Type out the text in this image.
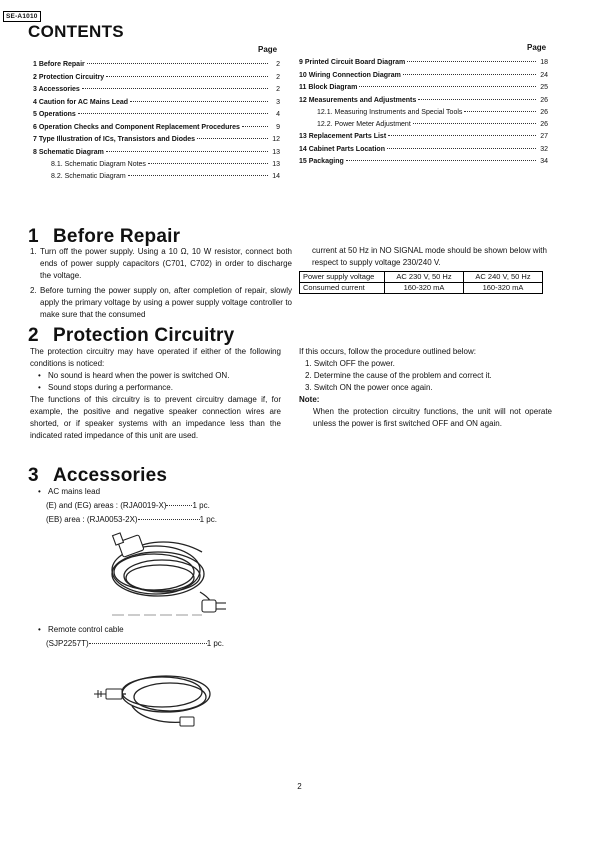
SE-A1010
CONTENTS
Page	Page
1 Before Repair	2
2 Protection Circuitry	2
3 Accessories	2
4 Caution for AC Mains Lead	3
5 Operations	4
6 Operation Checks and Component Replacement Procedures	9
7 Type Illustration of ICs, Transistors and Diodes	12
8 Schematic Diagram	13
8.1. Schematic Diagram Notes	13
8.2. Schematic Diagram	14
9 Printed Circuit Board Diagram	18
10 Wiring Connection Diagram	24
11 Block Diagram	25
12 Measurements and Adjustments	26
12.1. Measuring Instruments and Special Tools	26
12.2. Power Meter Adjustment	26
13 Replacement Parts List	27
14 Cabinet Parts Location	32
15 Packaging	34
1 Before Repair
1. Turn off the power supply. Using a 10 Ω, 10 W resistor, connect both ends of power supply capacitors (C701, C702) in order to discharge the voltage.
2. Before turning the power supply on, after completion of repair, slowly apply the primary voltage by using a power supply voltage controller to make sure that the consumed
current at 50 Hz in NO SIGNAL mode should be shown below with respect to supply voltage 230/240 V.
Power supply voltage	AC 230 V, 50 Hz	AC 240 V, 50 Hz
Consumed current	160-320 mA	160-320 mA
2 Protection Circuitry

The protection circuitry may have operated if either of the following conditions is noticed:

• No sound is heard when the power is switched ON.
• Sound stops during a performance.

The functions of this circuitry is to prevent circuitry damage if, for example, the positive and negative speaker connection wires are shorted, or if speaker systems with an impedance less than the indicated rated impedance of this unit are used.

If this occurs, follow the procedure outlined below:

1. Switch OFF the power.

2. Determine the cause of the problem and correct it.

3. Switch ON the power once again.

Note:

When the protection circuitry functions, the unit will not operate unless the power is first switched OFF and ON again.

3 Accessories
• AC mains lead

(E) and (EG) areas : (RJA0019-X)	1 pc.

(EB) area : (RJA0053-2X)	1 pc.

• Remote control cable

(SJP2257T)	1 pc.

2
